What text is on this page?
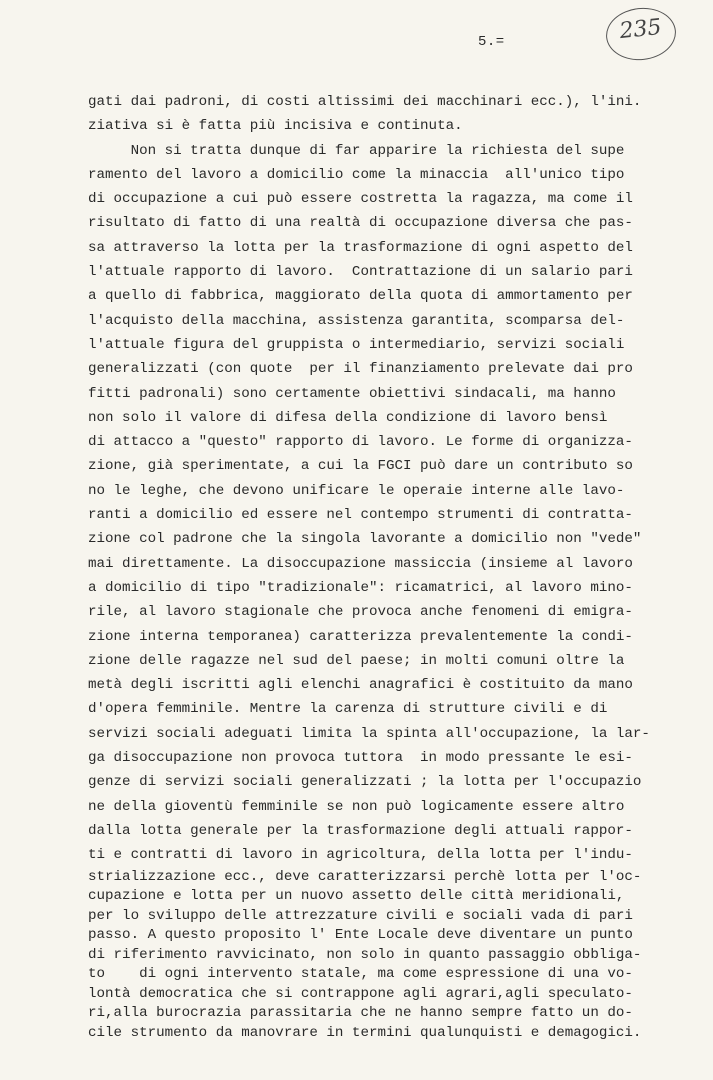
5.=	235
gati dai padroni, di costi altissimi dei macchinari ecc.), l'ini.
ziativa si è fatta più incisiva e continuta.
Non si tratta dunque di far apparire la richiesta del supe
ramento del lavoro a domicilio come la minaccia  all'unico tipo
di occupazione a cui può essere costretta la ragazza, ma come il
risultato di fatto di una realtà di occupazione diversa che pas-
sa attraverso la lotta per la trasformazione di ogni aspetto del
l'attuale rapporto di lavoro.  Contrattazione di un salario pari
a quello di fabbrica, maggiorato della quota di ammortamento per
l'acquisto della macchina, assistenza garantita, scomparsa del-
l'attuale figura del gruppista o intermediario, servizi sociali
generalizzati (con quote  per il finanziamento prelevate dai pro
fitti padronali) sono certamente obiettivi sindacali, ma hanno
non solo il valore di difesa della condizione di lavoro bensì
di attacco a "questo" rapporto di lavoro. Le forme di organizza-
zione, già sperimentate, a cui la FGCI può dare un contributo so
no le leghe, che devono unificare le operaie interne alle lavo-
ranti a domicilio ed essere nel contempo strumenti di contratta-
zione col padrone che la singola lavorante a domicilio non "vede"
mai direttamente. La disoccupazione massiccia (insieme al lavoro
a domicilio di tipo "tradizionale": ricamatrici, al lavoro mino-
rile, al lavoro stagionale che provoca anche fenomeni di emigra-
zione interna temporanea) caratterizza prevalentemente la condi-
zione delle ragazze nel sud del paese; in molti comuni oltre la
metà degli iscritti agli elenchi anagrafici è costituito da mano
d'opera femminile. Mentre la carenza di strutture civili e di
servizi sociali adeguati limita la spinta all'occupazione, la lar-
ga disoccupazione non provoca tuttora  in modo pressante le esi-
genze di servizi sociali generalizzati ; la lotta per l'occupazio
ne della gioventù femminile se non può logicamente essere altro
dalla lotta generale per la trasformazione degli attuali rappor-
ti e contratti di lavoro in agricoltura, della lotta per l'indu-
strializzazione ecc., deve caratterizzarsi perchè lotta per l'oc-
cupazione e lotta per un nuovo assetto delle città meridionali,
per lo sviluppo delle attrezzature civili e sociali vada di pari
passo. A questo proposito l' Ente Locale deve diventare un punto
di riferimento ravvicinato, non solo in quanto passaggio obbliga-
to    di ogni intervento statale, ma come espressione di una vo-
lontà democratica che si contrappone agli agrari,agli speculato-
ri,alla burocrazia parassitaria che ne hanno sempre fatto un do-
cile strumento da manovrare in termini qualunquisti e demagogici.
